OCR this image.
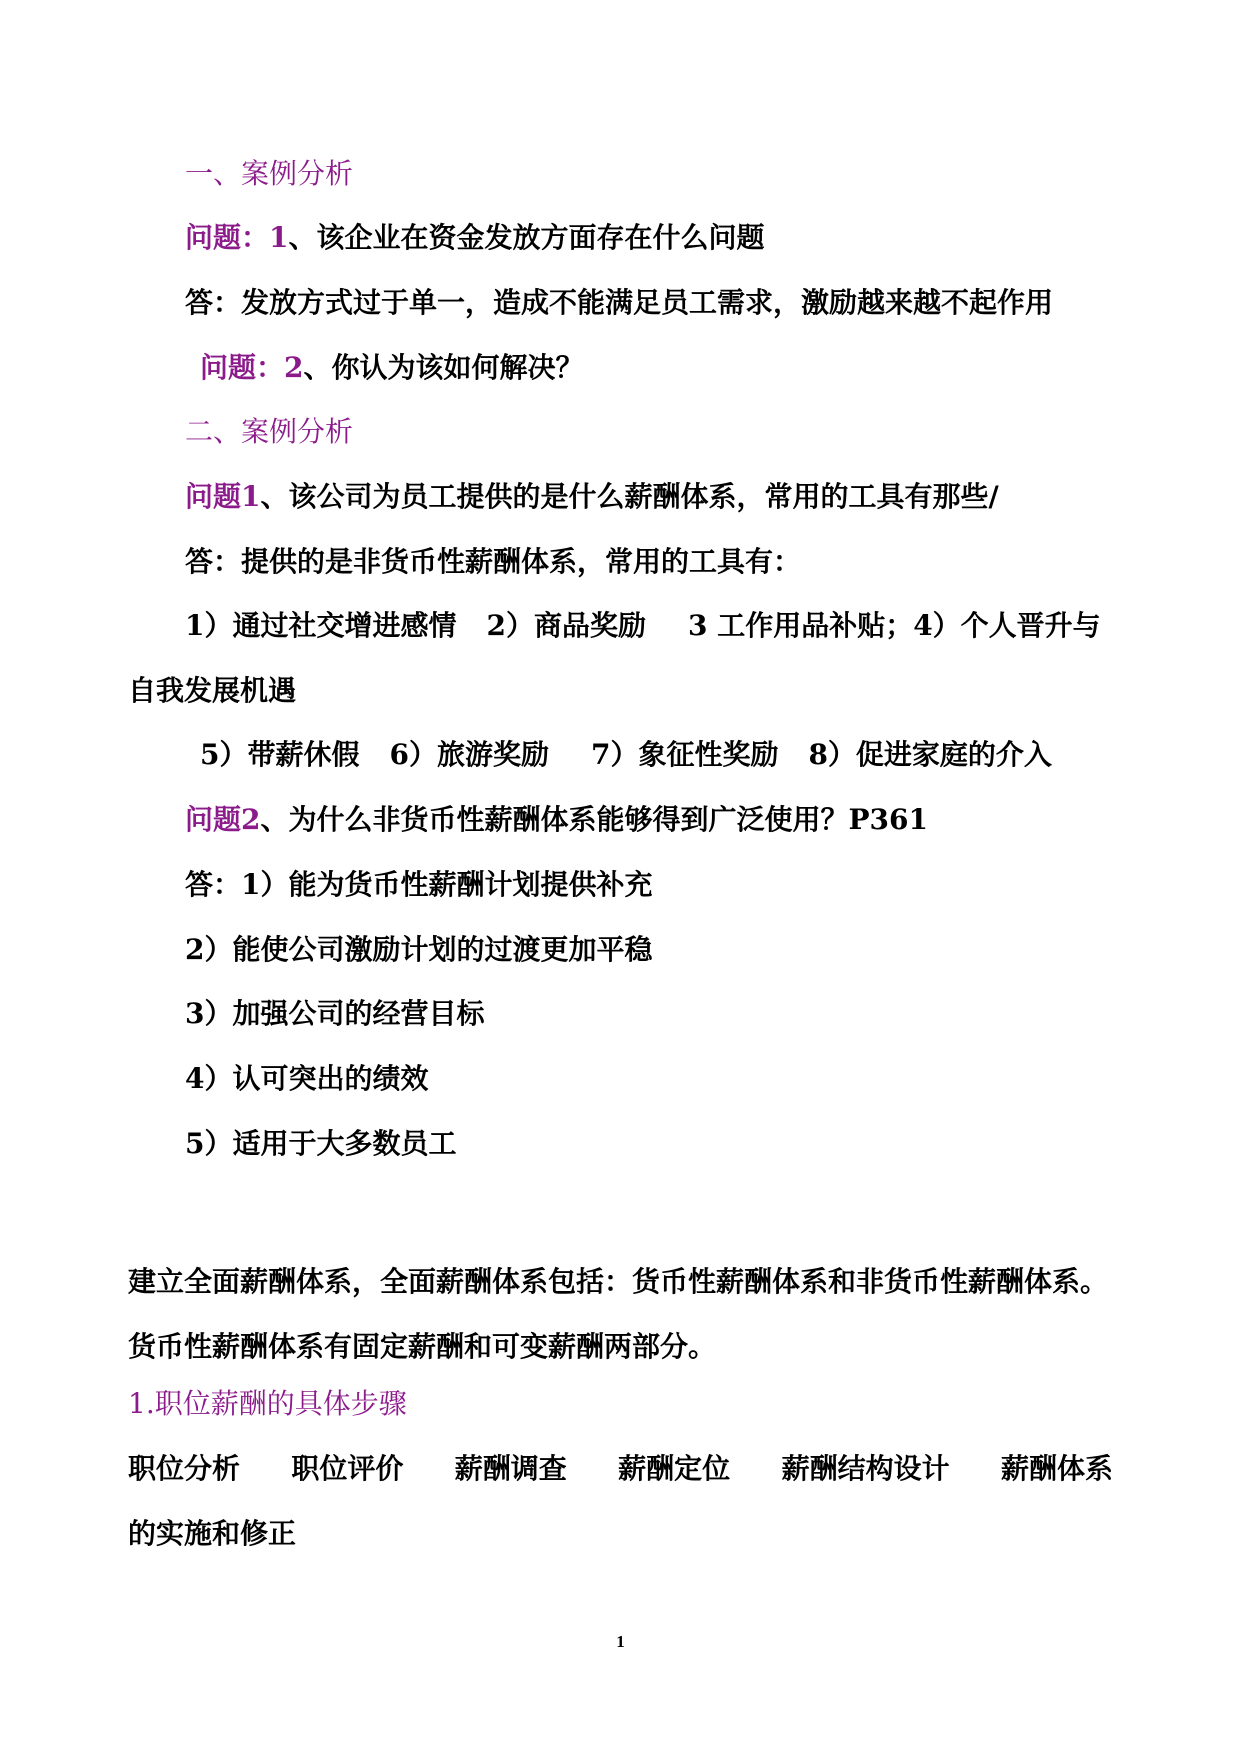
一、案例分析
问题：1、该企业在资金发放方面存在什么问题
答：发放方式过于单一，造成不能满足员工需求，激励越来越不起作用
问题：2、你认为该如何解决？
二、案例分析
问题1、该公司为员工提供的是什么薪酬体系，常用的工具有那些/
答：提供的是非货币性薪酬体系，常用的工具有：
1）通过社交增进感情 2）商品奖励 3 工作用品补贴；4）个人晋升与
自我发展机遇
5）带薪休假 6）旅游奖励 7）象征性奖励 8）促进家庭的介入
问题2、为什么非货币性薪酬体系能够得到广泛使用？P361
答：1）能为货币性薪酬计划提供补充
2）能使公司激励计划的过渡更加平稳
3）加强公司的经营目标
4）认可突出的绩效
5）适用于大多数员工
建立全面薪酬体系，全面薪酬体系包括：货币性薪酬体系和非货币性薪酬体系。
货币性薪酬体系有固定薪酬和可变薪酬两部分。
1.职位薪酬的具体步骤
职位分析 职位评价 薪酬调查 薪酬定位 薪酬结构设计 薪酬体系
的实施和修正
1
